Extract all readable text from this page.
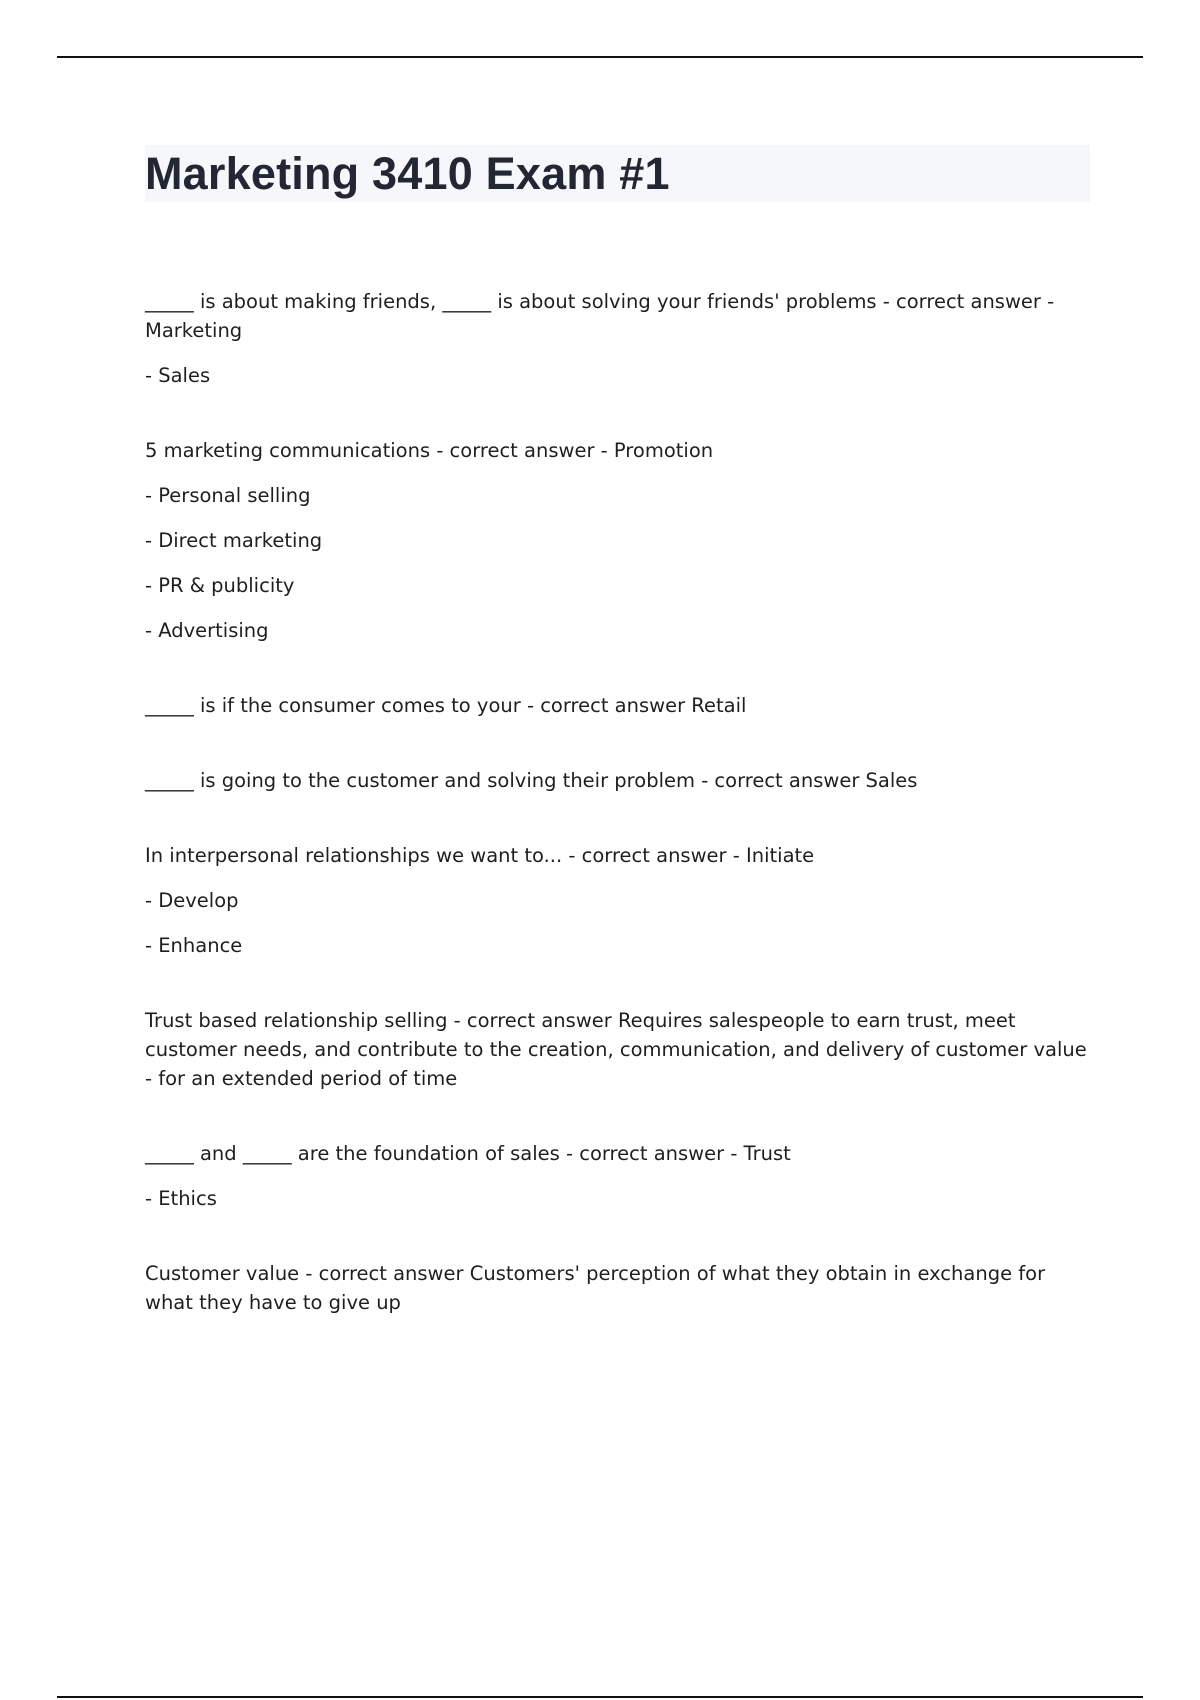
Marketing 3410 Exam #1

_____ is about making friends, _____ is about solving your friends' problems - correct answer - Marketing

- Sales

5 marketing communications - correct answer - Promotion

- Personal selling

- Direct marketing

- PR & publicity

- Advertising

_____ is if the consumer comes to your - correct answer Retail

_____ is going to the customer and solving their problem - correct answer Sales

In interpersonal relationships we want to... - correct answer - Initiate

- Develop

- Enhance

Trust based relationship selling - correct answer Requires salespeople to earn trust, meet customer needs, and contribute to the creation, communication, and delivery of customer value - for an extended period of time

_____ and _____ are the foundation of sales - correct answer - Trust

- Ethics

Customer value - correct answer Customers' perception of what they obtain in exchange for what they have to give up
